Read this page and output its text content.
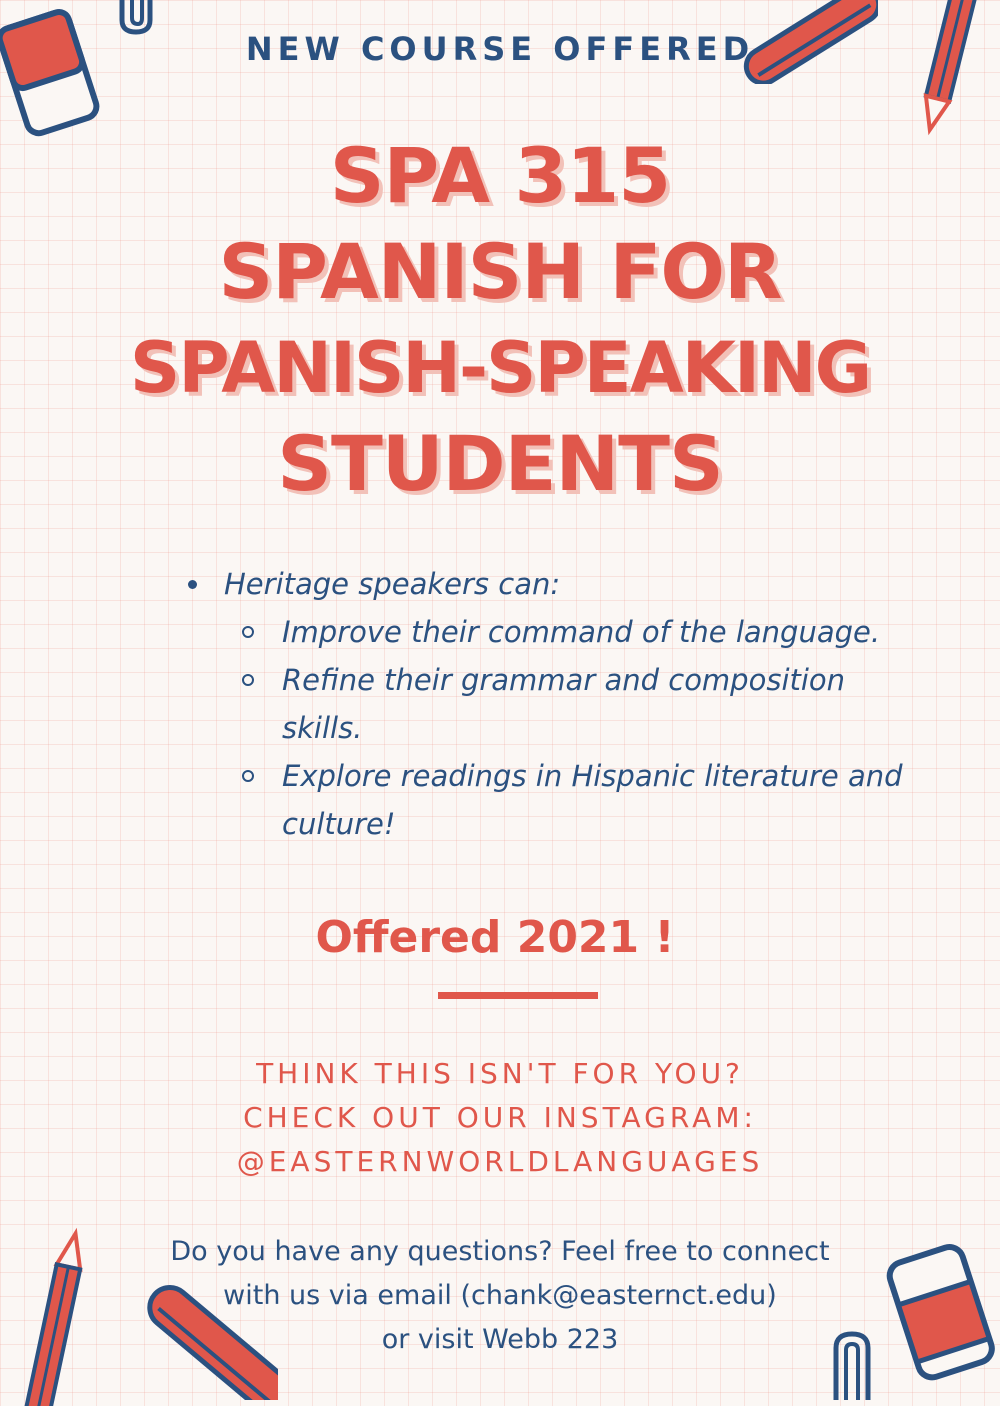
NEW COURSE OFFERED
SPA 315
SPANISH FOR
SPANISH-SPEAKING
STUDENTS
Heritage speakers can:
Improve their command of the language.
Refine their grammar and composition skills.
Explore readings in Hispanic literature and culture!
Offered 2021 !
THINK THIS ISN'T FOR YOU?
CHECK OUT OUR INSTAGRAM:
@EASTERNWORLDLANGUAGES
Do you have any questions? Feel free to connect
with us via email (chank@easternct.edu)
or visit Webb 223
